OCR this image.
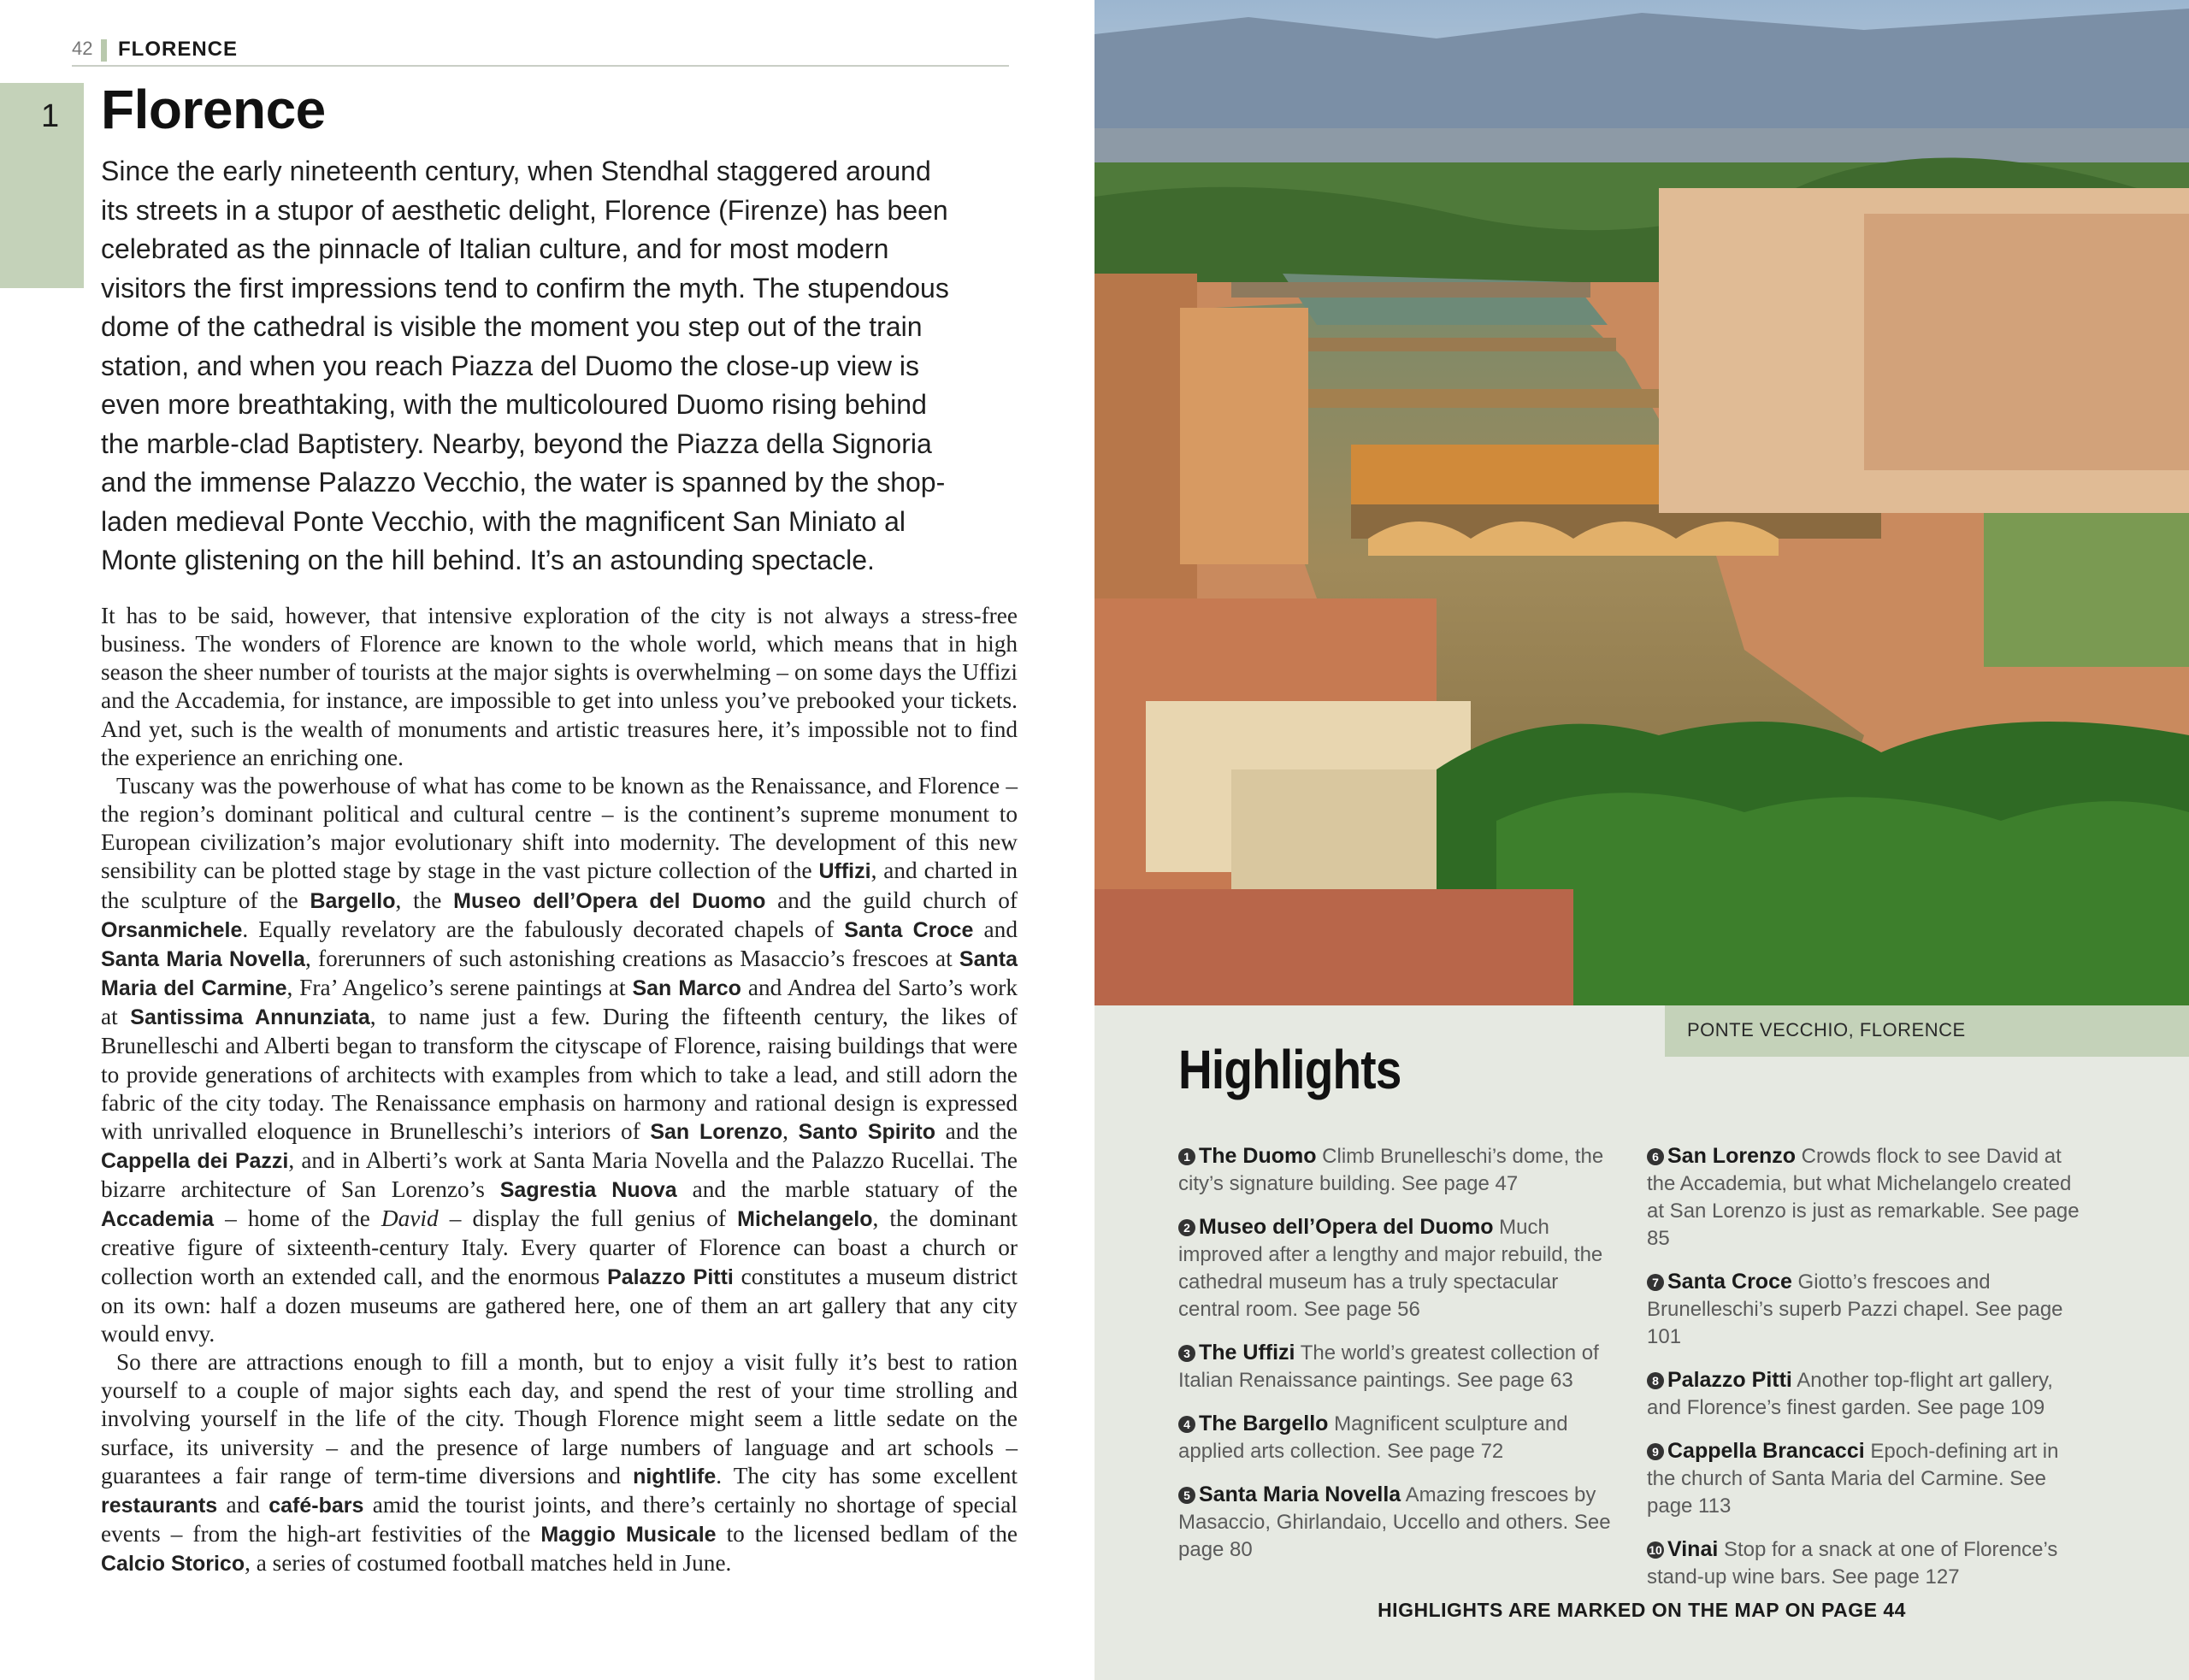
42 FLORENCE
1 Florence

Since the early nineteenth century, when Stendhal staggered around its streets in a stupor of aesthetic delight, Florence (Firenze) has been celebrated as the pinnacle of Italian culture, and for most modern visitors the first impressions tend to confirm the myth. The stupendous dome of the cathedral is visible the moment you step out of the train station, and when you reach Piazza del Duomo the close-up view is even more breathtaking, with the multicoloured Duomo rising behind the marble-clad Baptistery. Nearby, beyond the Piazza della Signoria and the immense Palazzo Vecchio, the water is spanned by the shop-laden medieval Ponte Vecchio, with the magnificent San Miniato al Monte glistening on the hill behind. It’s an astounding spectacle.

It has to be said, however, that intensive exploration of the city is not always a stress-free business. The wonders of Florence are known to the whole world, which means that in high season the sheer number of tourists at the major sights is overwhelming – on some days the Uffizi and the Accademia, for instance, are impossible to get into unless you’ve prebooked your tickets. And yet, such is the wealth of monuments and artistic treasures here, it’s impossible not to find the experience an enriching one.

Tuscany was the powerhouse of what has come to be known as the Renaissance, and Florence – the region’s dominant political and cultural centre – is the continent’s supreme monument to European civilization’s major evolutionary shift into modernity. The development of this new sensibility can be plotted stage by stage in the vast picture collection of the Uffizi, and charted in the sculpture of the Bargello, the Museo dell’Opera del Duomo and the guild church of Orsanmichele. Equally revelatory are the fabulously decorated chapels of Santa Croce and Santa Maria Novella, forerunners of such astonishing creations as Masaccio’s frescoes at Santa Maria del Carmine, Fra’ Angelico’s serene paintings at San Marco and Andrea del Sarto’s work at Santissima Annunziata, to name just a few. During the fifteenth century, the likes of Brunelleschi and Alberti began to transform the cityscape of Florence, raising buildings that were to provide generations of architects with examples from which to take a lead, and still adorn the fabric of the city today. The Renaissance emphasis on harmony and rational design is expressed with unrivalled eloquence in Brunelleschi’s interiors of San Lorenzo, Santo Spirito and the Cappella dei Pazzi, and in Alberti’s work at Santa Maria Novella and the Palazzo Rucellai. The bizarre architecture of San Lorenzo’s Sagrestia Nuova and the marble statuary of the Accademia – home of the David – display the full genius of Michelangelo, the dominant creative figure of sixteenth-century Italy. Every quarter of Florence can boast a church or collection worth an extended call, and the enormous Palazzo Pitti constitutes a museum district on its own: half a dozen museums are gathered here, one of them an art gallery that any city would envy.

So there are attractions enough to fill a month, but to enjoy a visit fully it’s best to ration yourself to a couple of major sights each day, and spend the rest of your time strolling and involving yourself in the life of the city. Though Florence might seem a little sedate on the surface, its university – and the presence of large numbers of language and art schools – guarantees a fair range of term-time diversions and nightlife. The city has some excellent restaurants and café-bars amid the tourist joints, and there’s certainly no shortage of special events – from the high-art festivities of the Maggio Musicale to the licensed bedlam of the Calcio Storico, a series of costumed football matches held in June.

PONTE VECCHIO, FLORENCE
Highlights
1 The Duomo Climb Brunelleschi’s dome, the city’s signature building. See page 47
2 Museo dell’Opera del Duomo Much improved after a lengthy and major rebuild, the cathedral museum has a truly spectacular central room. See page 56
3 The Uffizi The world’s greatest collection of Italian Renaissance paintings. See page 63
4 The Bargello Magnificent sculpture and applied arts collection. See page 72
5 Santa Maria Novella Amazing frescoes by Masaccio, Ghirlandaio, Uccello and others. See page 80
6 San Lorenzo Crowds flock to see David at the Accademia, but what Michelangelo created at San Lorenzo is just as remarkable. See page 85
7 Santa Croce Giotto’s frescoes and Brunelleschi’s superb Pazzi chapel. See page 101
8 Palazzo Pitti Another top-flight art gallery, and Florence’s finest garden. See page 109
9 Cappella Brancacci Epoch-defining art in the church of Santa Maria del Carmine. See page 113
10 Vinai Stop for a snack at one of Florence’s stand-up wine bars. See page 127
HIGHLIGHTS ARE MARKED ON THE MAP ON PAGE 44
